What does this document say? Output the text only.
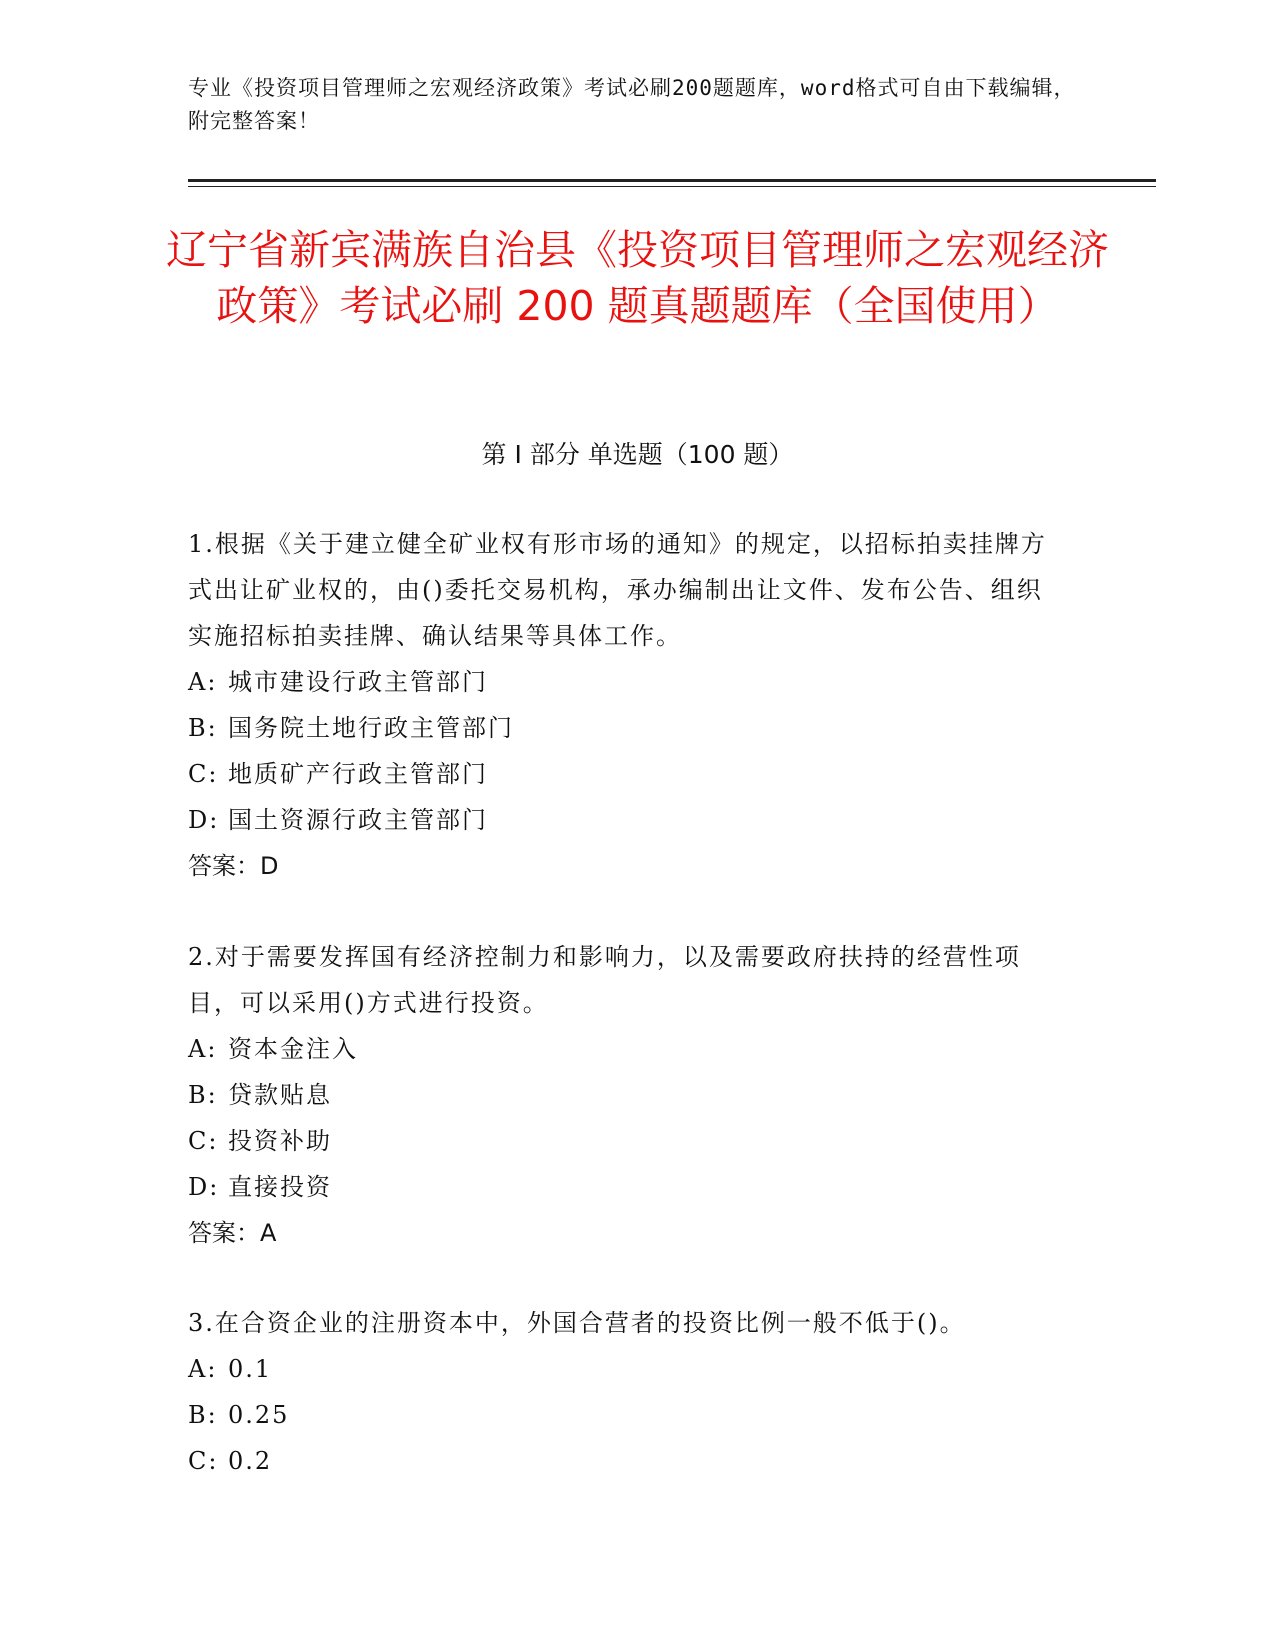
专业《投资项目管理师之宏观经济政策》考试必刷200题题库，word格式可自由下载编辑，附完整答案！
辽宁省新宾满族自治县《投资项目管理师之宏观经济政策》考试必刷 200 题真题题库（全国使用）
第 I 部分 单选题（100 题）
1.根据《关于建立健全矿业权有形市场的通知》的规定，以招标拍卖挂牌方式出让矿业权的，由()委托交易机构，承办编制出让文件、发布公告、组织实施招标拍卖挂牌、确认结果等具体工作。
A: 城市建设行政主管部门
B: 国务院土地行政主管部门
C: 地质矿产行政主管部门
D: 国土资源行政主管部门
答案：D
2.对于需要发挥国有经济控制力和影响力，以及需要政府扶持的经营性项目，可以采用()方式进行投资。
A: 资本金注入
B: 贷款贴息
C: 投资补助
D: 直接投资
答案：A
3.在合资企业的注册资本中，外国合营者的投资比例一般不低于()。
A: 0.1
B: 0.25
C: 0.2
